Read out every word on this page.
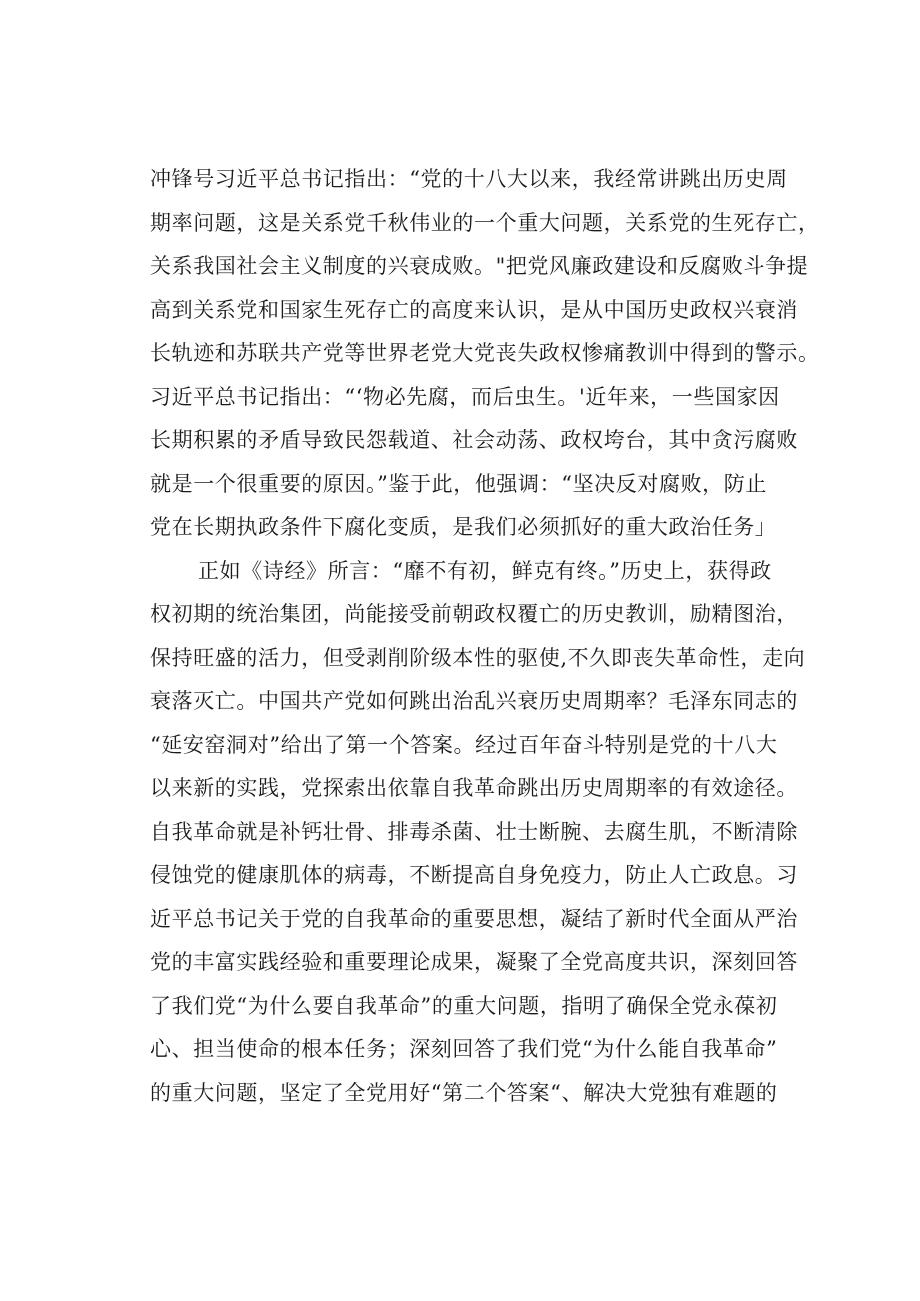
冲锋号习近平总书记指出：“党的十八大以来，我经常讲跳出历史周
期率问题，这是关系党千秋伟业的一个重大问题，关系党的生死存亡，
关系我国社会主义制度的兴衰成败。"把党风廉政建设和反腐败斗争提
高到关系党和国家生死存亡的高度来认识，是从中国历史政权兴衰消
长轨迹和苏联共产党等世界老党大党丧失政权惨痛教训中得到的警示。
习近平总书记指出：“‘物必先腐，而后虫生。'近年来，一些国家因
长期积累的矛盾导致民怨载道、社会动荡、政权垮台，其中贪污腐败
就是一个很重要的原因。”鉴于此，他强调：“坚决反对腐败，防止
党在长期执政条件下腐化变质，是我们必须抓好的重大政治任务」
正如《诗经》所言：“靡不有初，鲜克有终。”历史上，获得政
权初期的统治集团，尚能接受前朝政权覆亡的历史教训，励精图治，
保持旺盛的活力，但受剥削阶级本性的驱使,不久即丧失革命性，走向
衰落灭亡。中国共产党如何跳出治乱兴衰历史周期率？毛泽东同志的
“延安窑洞对”给出了第一个答案。经过百年奋斗特别是党的十八大
以来新的实践，党探索出依靠自我革命跳出历史周期率的有效途径。
自我革命就是补钙壮骨、排毒杀菌、壮士断腕、去腐生肌，不断清除
侵蚀党的健康肌体的病毒，不断提高自身免疫力，防止人亡政息。习
近平总书记关于党的自我革命的重要思想，凝结了新时代全面从严治
党的丰富实践经验和重要理论成果，凝聚了全党高度共识，深刻回答
了我们党“为什么要自我革命”的重大问题，指明了确保全党永葆初
心、担当使命的根本任务；深刻回答了我们党“为什么能自我革命”
的重大问题，坚定了全党用好“第二个答案“、解决大党独有难题的
